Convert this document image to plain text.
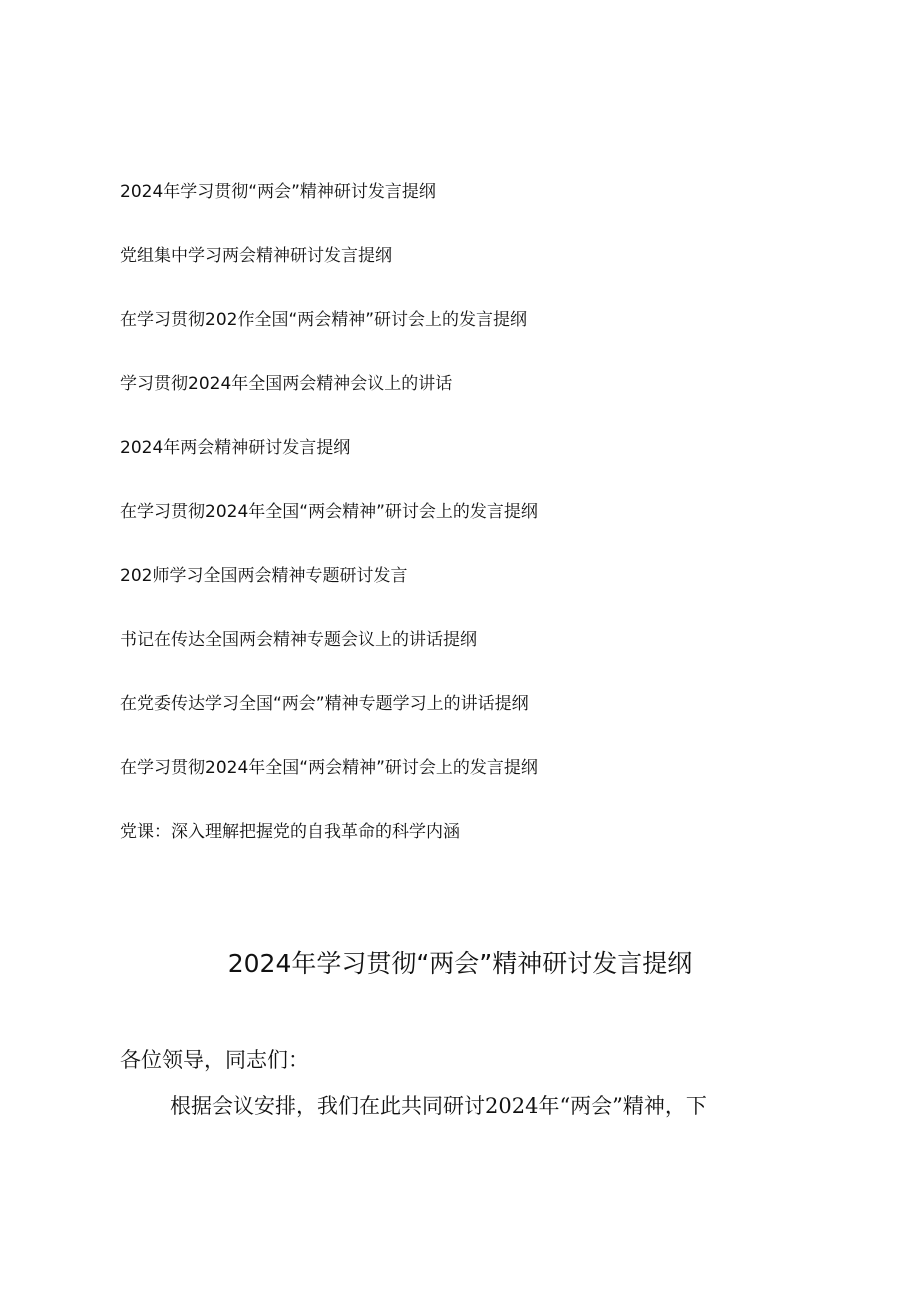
2024年学习贯彻“两会”精神研讨发言提纲
党组集中学习两会精神研讨发言提纲
在学习贯彻202作全国“两会精神”研讨会上的发言提纲
学习贯彻2024年全国两会精神会议上的讲话
2024年两会精神研讨发言提纲
在学习贯彻2024年全国“两会精神”研讨会上的发言提纲
202师学习全国两会精神专题研讨发言
书记在传达全国两会精神专题会议上的讲话提纲
在党委传达学习全国“两会”精神专题学习上的讲话提纲
在学习贯彻2024年全国“两会精神”研讨会上的发言提纲
党课：深入理解把握党的自我革命的科学内涵
2024年学习贯彻“两会”精神研讨发言提纲

各位领导，同志们：

根据会议安排，我们在此共同研讨2024年“两会”精神，下
